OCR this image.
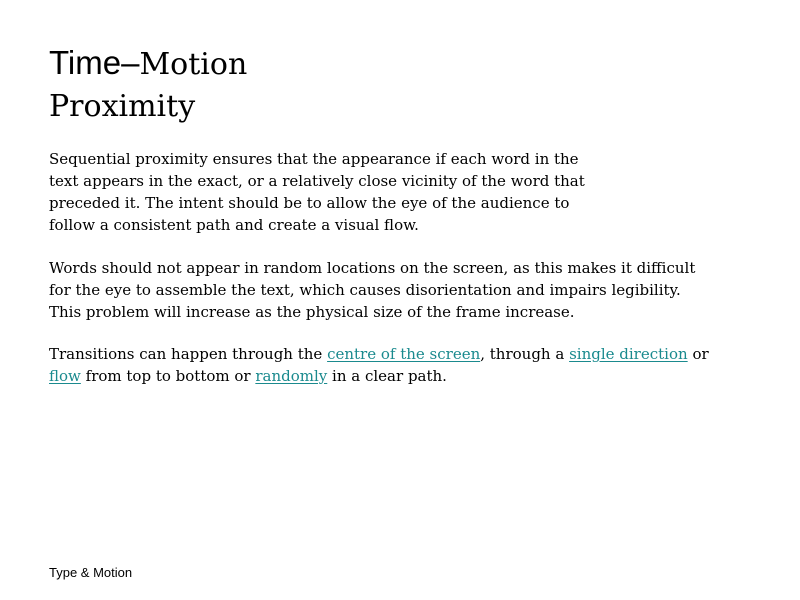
Time–Motion
Proximity

Sequential proximity ensures that the appearance if each word in the text appears in the exact, or a relatively close vicinity of the word that preceded it. The intent should be to allow the eye of the audience to follow a consistent path and create a visual flow.

Words should not appear in random locations on the screen, as this makes it difficult for the eye to assemble the text, which causes disorientation and impairs legibility. This problem will increase as the physical size of the frame increase.

Transitions can happen through the centre of the screen, through a single direction or flow from top to bottom or randomly in a clear path.

Type & Motion
